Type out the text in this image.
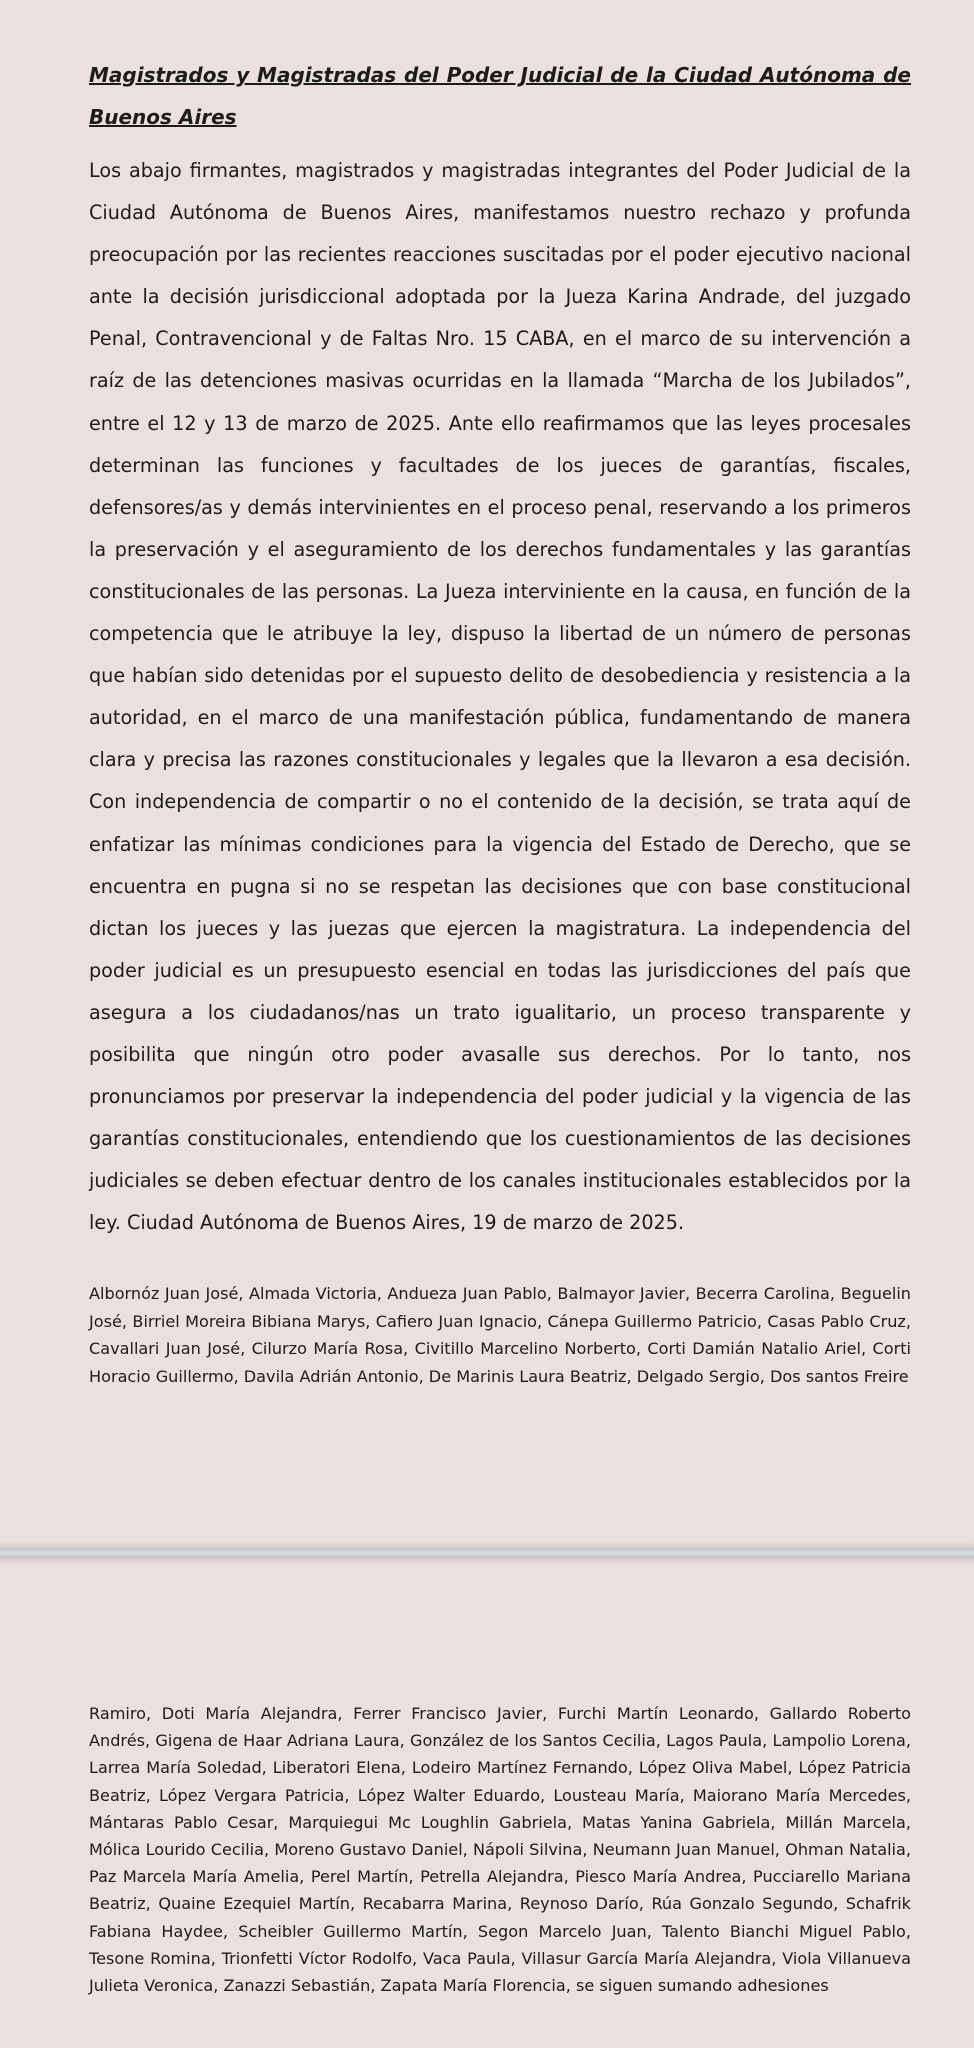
Magistrados y Magistradas del Poder Judicial de la Ciudad Autónoma de Buenos Aires

Los abajo firmantes, magistrados y magistradas integrantes del Poder Judicial de la Ciudad Autónoma de Buenos Aires, manifestamos nuestro rechazo y profunda preocupación por las recientes reacciones suscitadas por el poder ejecutivo nacional ante la decisión jurisdiccional adoptada por la Jueza Karina Andrade, del juzgado Penal, Contravencional y de Faltas Nro. 15 CABA, en el marco de su intervención a raíz de las detenciones masivas ocurridas en la llamada “Marcha de los Jubilados”, entre el 12 y 13 de marzo de 2025. Ante ello reafirmamos que las leyes procesales determinan las funciones y facultades de los jueces de garantías, fiscales, defensores/as y demás intervinientes en el proceso penal, reservando a los primeros la preservación y el aseguramiento de los derechos fundamentales y las garantías constitucionales de las personas. La Jueza interviniente en la causa, en función de la competencia que le atribuye la ley, dispuso la libertad de un número de personas que habían sido detenidas por el supuesto delito de desobediencia y resistencia a la autoridad, en el marco de una manifestación pública, fundamentando de manera clara y precisa las razones constitucionales y legales que la llevaron a esa decisión. Con independencia de compartir o no el contenido de la decisión, se trata aquí de enfatizar las mínimas condiciones para la vigencia del Estado de Derecho, que se encuentra en pugna si no se respetan las decisiones que con base constitucional dictan los jueces y las juezas que ejercen la magistratura. La independencia del poder judicial es un presupuesto esencial en todas las jurisdicciones del país que asegura a los ciudadanos/nas un trato igualitario, un proceso transparente y posibilita que ningún otro poder avasalle sus derechos. Por lo tanto, nos pronunciamos por preservar la independencia del poder judicial y la vigencia de las garantías constitucionales, entendiendo que los cuestionamientos de las decisiones judiciales se deben efectuar dentro de los canales institucionales establecidos por la ley. Ciudad Autónoma de Buenos Aires, 19 de marzo de 2025.

Albornóz Juan José, Almada Victoria, Andueza Juan Pablo, Balmayor Javier, Becerra Carolina, Beguelin José, Birriel Moreira Bibiana Marys, Cafiero Juan Ignacio, Cánepa Guillermo Patricio, Casas Pablo Cruz, Cavallari Juan José, Cilurzo María Rosa, Civitillo Marcelino Norberto, Corti Damián Natalio Ariel, Corti Horacio Guillermo, Davila Adrián Antonio, De Marinis Laura Beatriz, Delgado Sergio, Dos santos Freire

Ramiro, Doti María Alejandra, Ferrer Francisco Javier, Furchi Martín Leonardo, Gallardo Roberto Andrés, Gigena de Haar Adriana Laura, González de los Santos Cecilia, Lagos Paula, Lampolio Lorena, Larrea María Soledad, Liberatori Elena, Lodeiro Martínez Fernando, López Oliva Mabel, López Patricia Beatriz, López Vergara Patricia, López Walter Eduardo, Lousteau María, Maiorano María Mercedes, Mántaras Pablo Cesar, Marquiegui Mc Loughlin Gabriela, Matas Yanina Gabriela, Millán Marcela, Mólica Lourido Cecilia, Moreno Gustavo Daniel, Nápoli Silvina, Neumann Juan Manuel, Ohman Natalia, Paz Marcela María Amelia, Perel Martín, Petrella Alejandra, Piesco María Andrea, Pucciarello Mariana Beatriz, Quaine Ezequiel Martín, Recabarra Marina, Reynoso Darío, Rúa Gonzalo Segundo, Schafrik Fabiana Haydee, Scheibler Guillermo Martín, Segon Marcelo Juan, Talento Bianchi Miguel Pablo, Tesone Romina, Trionfetti Víctor Rodolfo, Vaca Paula, Villasur García María Alejandra, Viola Villanueva Julieta Veronica, Zanazzi Sebastián, Zapata María Florencia, se siguen sumando adhesiones
